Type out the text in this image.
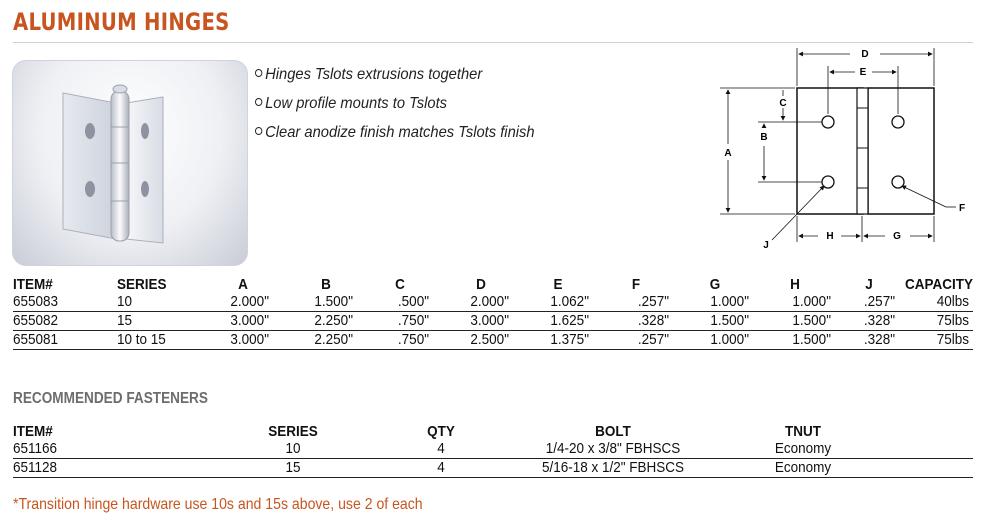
ALUMINUM HINGES
Hinges Tslots extrusions together
Low profile mounts to Tslots
Clear anodize finish matches Tslots finish
D
E
A
B
C
H	G
F
J
ITEM#	SERIES	A	B	C	D	E	F	G	H	J	CAPACITY
655083	10	2.000"	1.500"	.500"	2.000"	1.062"	.257"	1.000"	1.000"	.257"	40lbs
655082	15	3.000"	2.250"	.750"	3.000"	1.625"	.328"	1.500"	1.500"	.328"	75lbs
655081	10 to 15	3.000"	2.250"	.750"	2.500"	1.375"	.257"	1.000"	1.500"	.328"	75lbs
RECOMMENDED FASTENERS
ITEM#	SERIES	QTY	BOLT	TNUT
651166	10	4	1/4-20 x 3/8" FBHSCS	Economy
651128	15	4	5/16-18 x 1/2" FBHSCS	Economy
*Transition hinge hardware use 10s and 15s above, use 2 of each
